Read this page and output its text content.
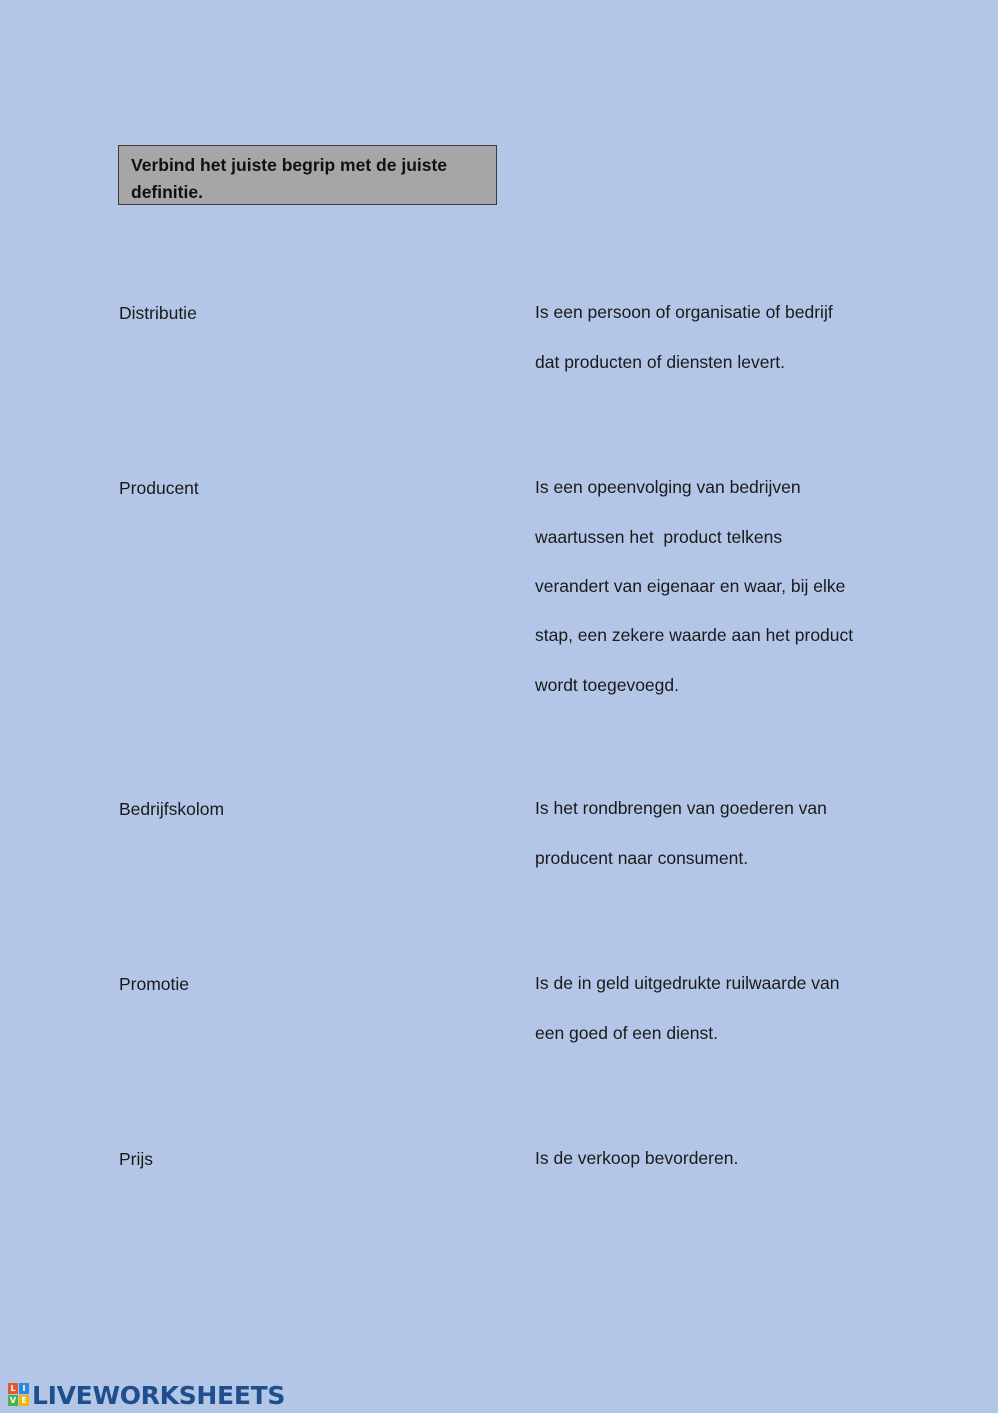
Verbind het juiste begrip met de juiste definitie.
Distributie	Is een persoon of organisatie of bedrijf
dat producten of diensten levert.
Producent	Is een opeenvolging van bedrijven
waartussen het  product telkens
verandert van eigenaar en waar, bij elke
stap, een zekere waarde aan het product
wordt toegevoegd.
Bedrijfskolom	Is het rondbrengen van goederen van
producent naar consument.
Promotie	Is de in geld uitgedrukte ruilwaarde van
een goed of een dienst.
Prijs	Is de verkoop bevorderen.
L I
V E LIVEWORKSHEETS
